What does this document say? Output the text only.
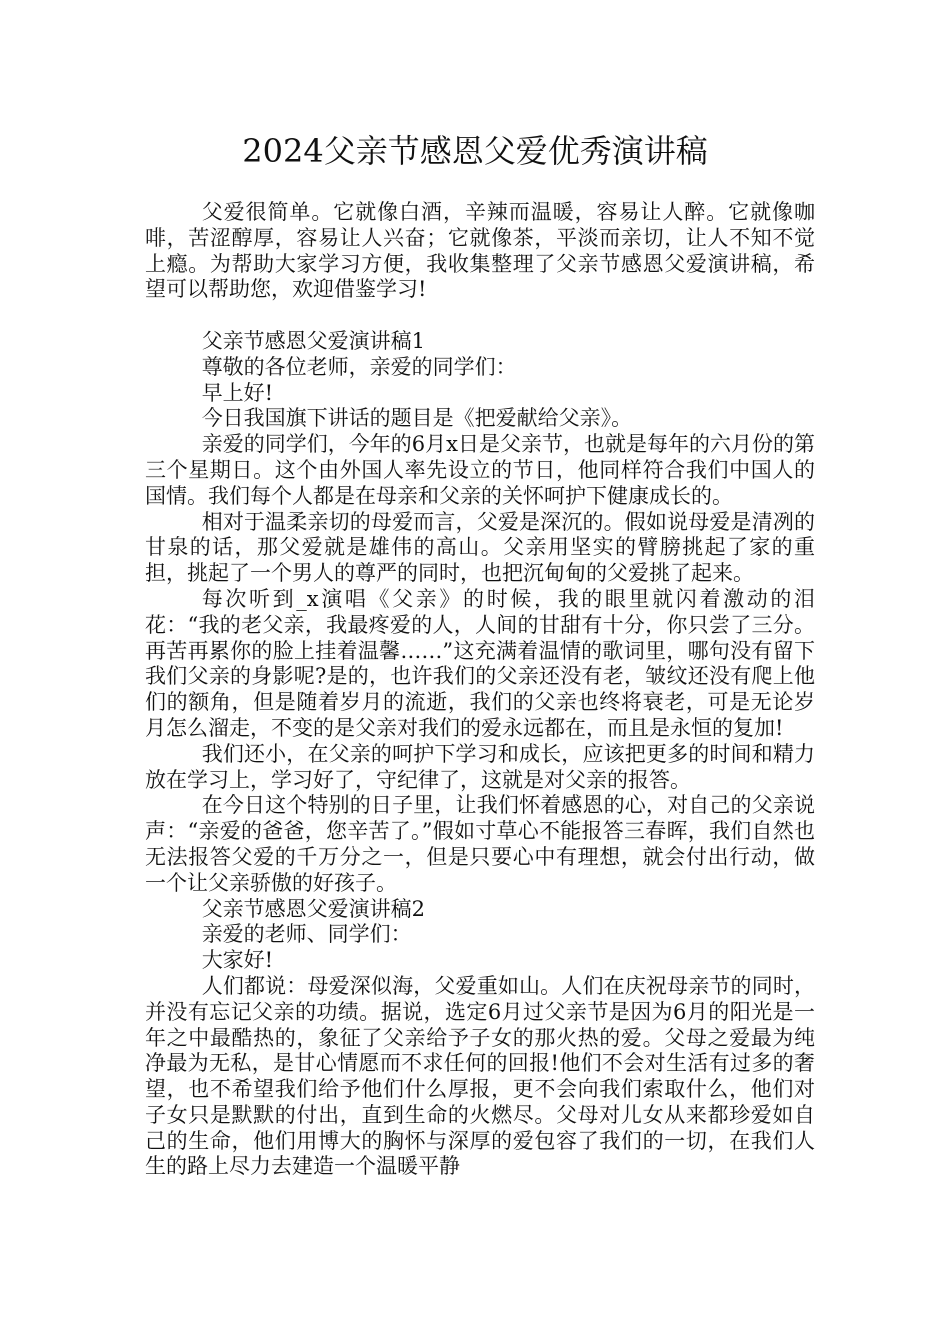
2024父亲节感恩父爱优秀演讲稿

父爱很简单。它就像白酒，辛辣而温暖，容易让人醉。它就像咖啡，苦涩醇厚，容易让人兴奋；它就像茶，平淡而亲切，让人不知不觉上瘾。为帮助大家学习方便，我收集整理了父亲节感恩父爱演讲稿，希望可以帮助您，欢迎借鉴学习!

父亲节感恩父爱演讲稿1

尊敬的各位老师，亲爱的同学们：

早上好!

今日我国旗下讲话的题目是《把爱献给父亲》。

亲爱的同学们，今年的6月x日是父亲节，也就是每年的六月份的第三个星期日。这个由外国人率先设立的节日，他同样符合我们中国人的国情。我们每个人都是在母亲和父亲的关怀呵护下健康成长的。

相对于温柔亲切的母爱而言，父爱是深沉的。假如说母爱是清冽的甘泉的话，那父爱就是雄伟的高山。父亲用坚实的臂膀挑起了家的重担，挑起了一个男人的尊严的同时，也把沉甸甸的父爱挑了起来。

每次听到_x演唱《父亲》的时候，我的眼里就闪着激动的泪花：“我的老父亲，我最疼爱的人，人间的甘甜有十分，你只尝了三分。再苦再累你的脸上挂着温馨……”这充满着温情的歌词里，哪句没有留下我们父亲的身影呢?是的，也许我们的父亲还没有老，皱纹还没有爬上他们的额角，但是随着岁月的流逝，我们的父亲也终将衰老，可是无论岁月怎么溜走，不变的是父亲对我们的爱永远都在，而且是永恒的复加!

我们还小，在父亲的呵护下学习和成长，应该把更多的时间和精力放在学习上，学习好了，守纪律了，这就是对父亲的报答。

在今日这个特别的日子里，让我们怀着感恩的心，对自己的父亲说声：“亲爱的爸爸，您辛苦了。”假如寸草心不能报答三春晖，我们自然也无法报答父爱的千万分之一，但是只要心中有理想，就会付出行动，做一个让父亲骄傲的好孩子。

父亲节感恩父爱演讲稿2

亲爱的老师、同学们：

大家好!

人们都说：母爱深似海，父爱重如山。人们在庆祝母亲节的同时，并没有忘记父亲的功绩。据说，选定6月过父亲节是因为6月的阳光是一年之中最酷热的，象征了父亲给予子女的那火热的爱。父母之爱最为纯净最为无私，是甘心情愿而不求任何的回报!他们不会对生活有过多的奢望，也不希望我们给予他们什么厚报，更不会向我们索取什么，他们对子女只是默默的付出，直到生命的火燃尽。父母对儿女从来都珍爱如自己的生命，他们用博大的胸怀与深厚的爱包容了我们的一切，在我们人生的路上尽力去建造一个温暖平静
